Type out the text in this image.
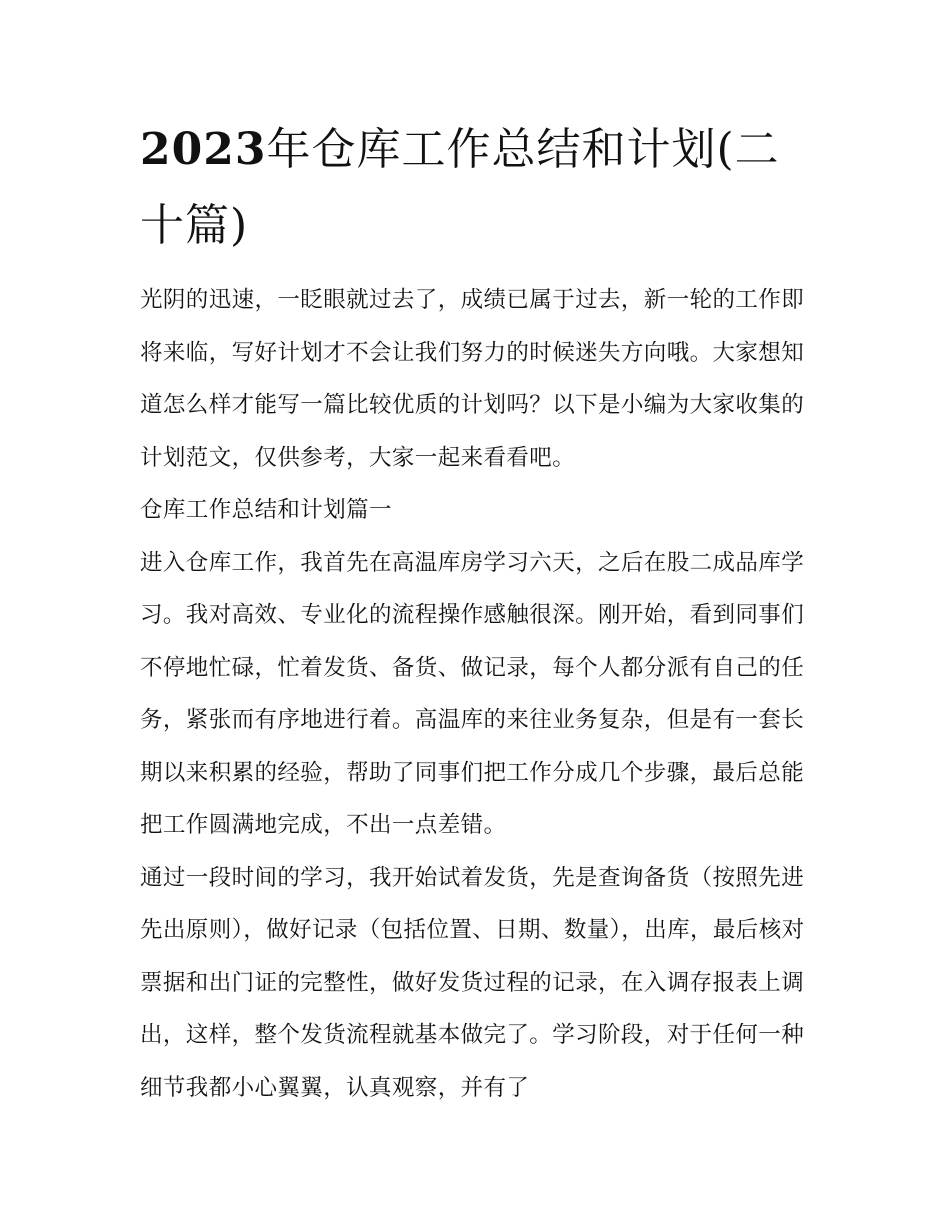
2023年仓库工作总结和计划(二十篇)

光阴的迅速，一眨眼就过去了，成绩已属于过去，新一轮的工作即将来临，写好计划才不会让我们努力的时候迷失方向哦。大家想知道怎么样才能写一篇比较优质的计划吗？以下是小编为大家收集的计划范文，仅供参考，大家一起来看看吧。

仓库工作总结和计划篇一

进入仓库工作，我首先在高温库房学习六天，之后在股二成品库学习。我对高效、专业化的流程操作感触很深。刚开始，看到同事们不停地忙碌，忙着发货、备货、做记录，每个人都分派有自己的任务，紧张而有序地进行着。高温库的来往业务复杂，但是有一套长期以来积累的经验，帮助了同事们把工作分成几个步骤，最后总能把工作圆满地完成，不出一点差错。

通过一段时间的学习，我开始试着发货，先是查询备货（按照先进先出原则），做好记录（包括位置、日期、数量），出库，最后核对票据和出门证的完整性，做好发货过程的记录，在入调存报表上调出，这样，整个发货流程就基本做完了。学习阶段，对于任何一种细节我都小心翼翼，认真观察，并有了
